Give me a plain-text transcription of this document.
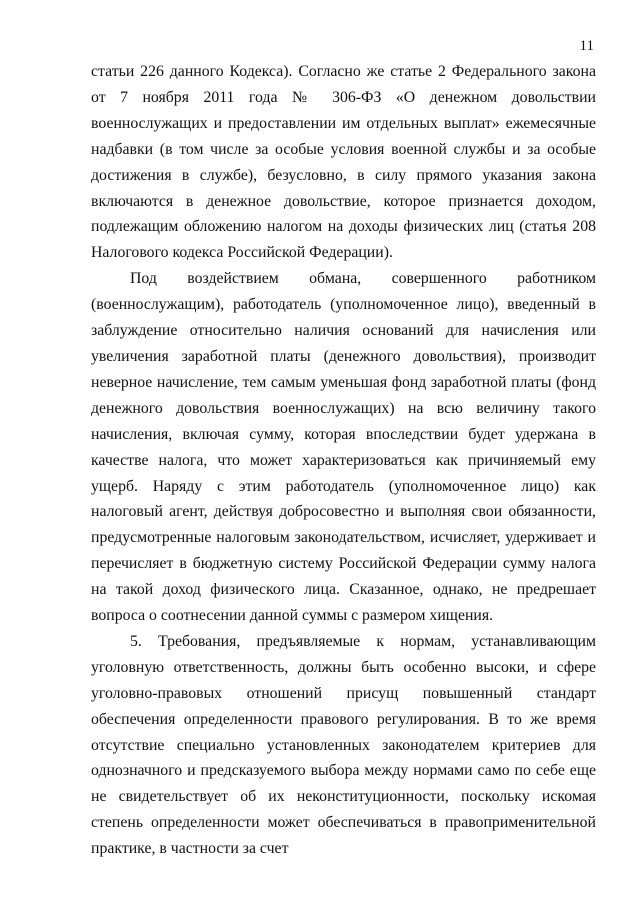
11

статьи 226 данного Кодекса). Согласно же статье 2 Федерального закона от 7 ноября 2011 года № 306-ФЗ «О денежном довольствии военнослужащих и предоставлении им отдельных выплат» ежемесячные надбавки (в том числе за особые условия военной службы и за особые достижения в службе), безусловно, в силу прямого указания закона включаются в денежное довольствие, которое признается доходом, подлежащим обложению налогом на доходы физических лиц (статья 208 Налогового кодекса Российской Федерации).

Под воздействием обмана, совершенного работником (военнослужащим), работодатель (уполномоченное лицо), введенный в заблуждение относительно наличия оснований для начисления или увеличения заработной платы (денежного довольствия), производит неверное начисление, тем самым уменьшая фонд заработной платы (фонд денежного довольствия военнослужащих) на всю величину такого начисления, включая сумму, которая впоследствии будет удержана в качестве налога, что может характеризоваться как причиняемый ему ущерб. Наряду с этим работодатель (уполномоченное лицо) как налоговый агент, действуя добросовестно и выполняя свои обязанности, предусмотренные налоговым законодательством, исчисляет, удерживает и перечисляет в бюджетную систему Российской Федерации сумму налога на такой доход физического лица. Сказанное, однако, не предрешает вопроса о соотнесении данной суммы с размером хищения.

5. Требования, предъявляемые к нормам, устанавливающим уголовную ответственность, должны быть особенно высоки, и сфере уголовно-правовых отношений присущ повышенный стандарт обеспечения определенности правового регулирования. В то же время отсутствие специально установленных законодателем критериев для однозначного и предсказуемого выбора между нормами само по себе еще не свидетельствует об их неконституционности, поскольку искомая степень определенности может обеспечиваться в правоприменительной практике, в частности за счет
